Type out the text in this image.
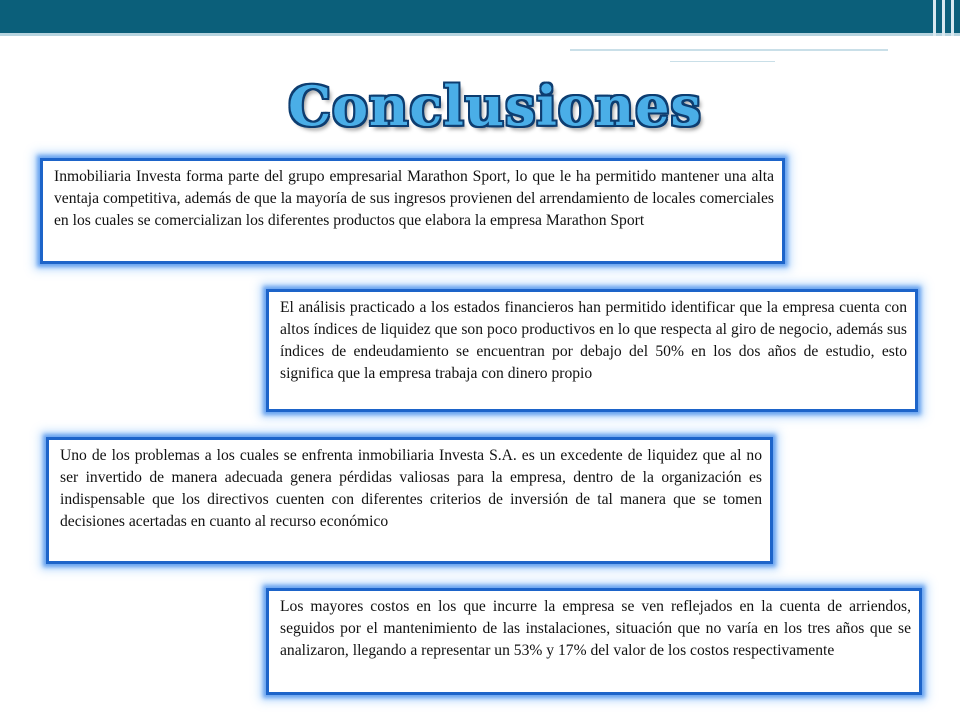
Conclusiones
Inmobiliaria Investa forma parte del grupo empresarial Marathon Sport, lo que le ha permitido mantener una alta ventaja competitiva, además de que la mayoría de sus ingresos provienen del arrendamiento de locales comerciales en los cuales se comercializan los diferentes productos que elabora la empresa Marathon Sport
El análisis practicado a los estados financieros han permitido identificar que la empresa cuenta con altos índices de liquidez que son poco productivos en lo que respecta al giro de negocio, además sus índices de endeudamiento se encuentran por debajo del 50% en los dos años de estudio, esto significa que la empresa trabaja con dinero propio
Uno de los problemas a los cuales se enfrenta inmobiliaria Investa S.A. es un excedente de liquidez que al no ser invertido de manera adecuada genera pérdidas valiosas para la empresa, dentro de la organización es indispensable que los directivos cuenten con diferentes criterios de inversión de tal manera que se tomen decisiones acertadas en cuanto al recurso económico
Los mayores costos en los que incurre la empresa se ven reflejados en la cuenta de arriendos, seguidos por el mantenimiento de las instalaciones, situación que no varía en los tres años que se analizaron, llegando a representar un 53% y 17% del valor de los costos respectivamente
